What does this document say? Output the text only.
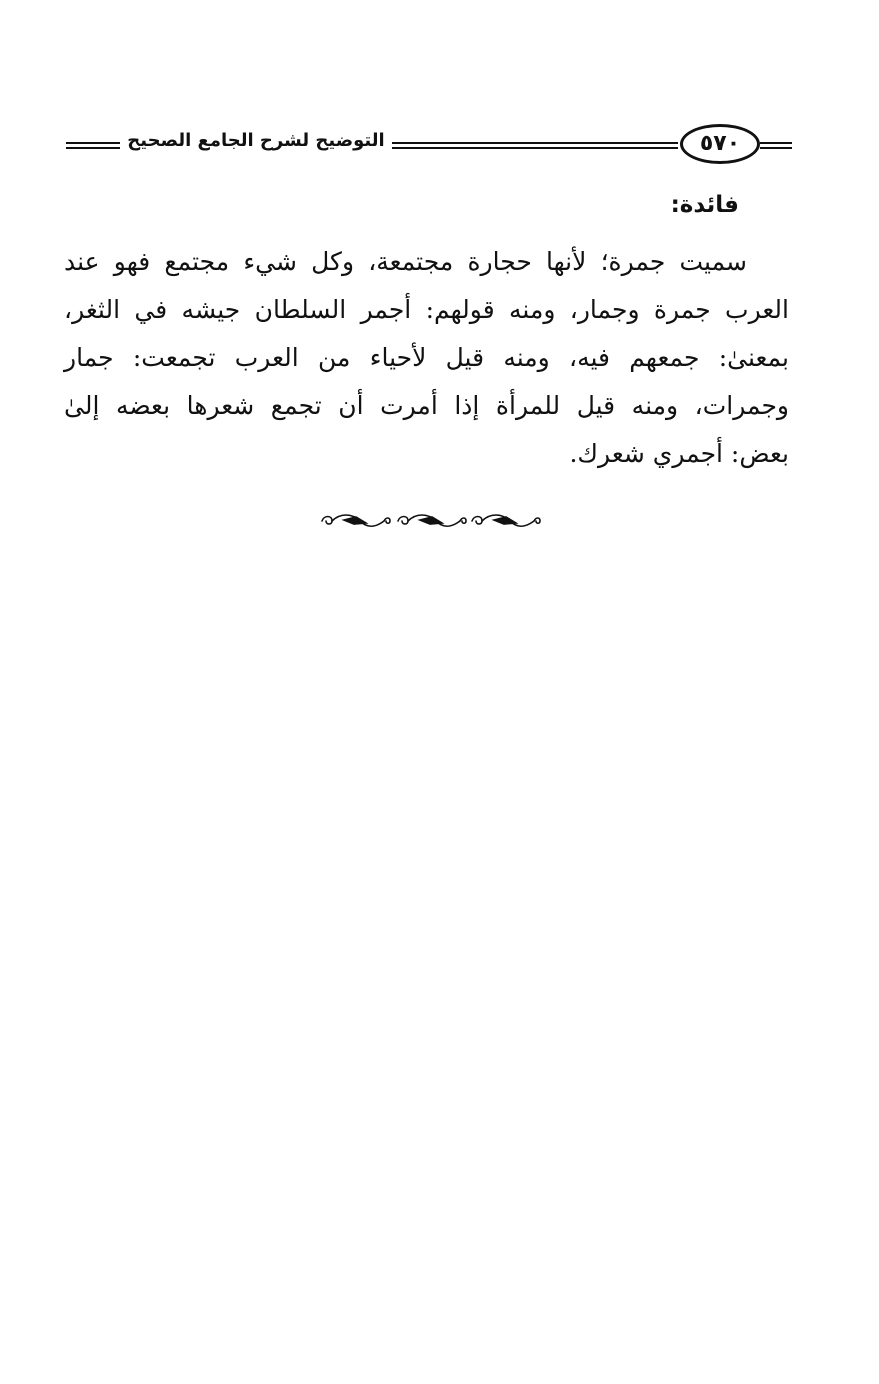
التوضيح لشرح الجامع الصحيح	٥٧٠
فائدة:
سميت جمرة؛ لأنها حجارة مجتمعة، وكل شيء مجتمع فهو عند
العرب جمرة وجمار، ومنه قولهم: أجمر السلطان جيشه في الثغر،
بمعنىٰ: جمعهم فيه، ومنه قيل لأحياء من العرب تجمعت: جمار
وجمرات، ومنه قيل للمرأة إذا أمرت أن تجمع شعرها بعضه إلىٰ
بعض: أجمري شعرك.
